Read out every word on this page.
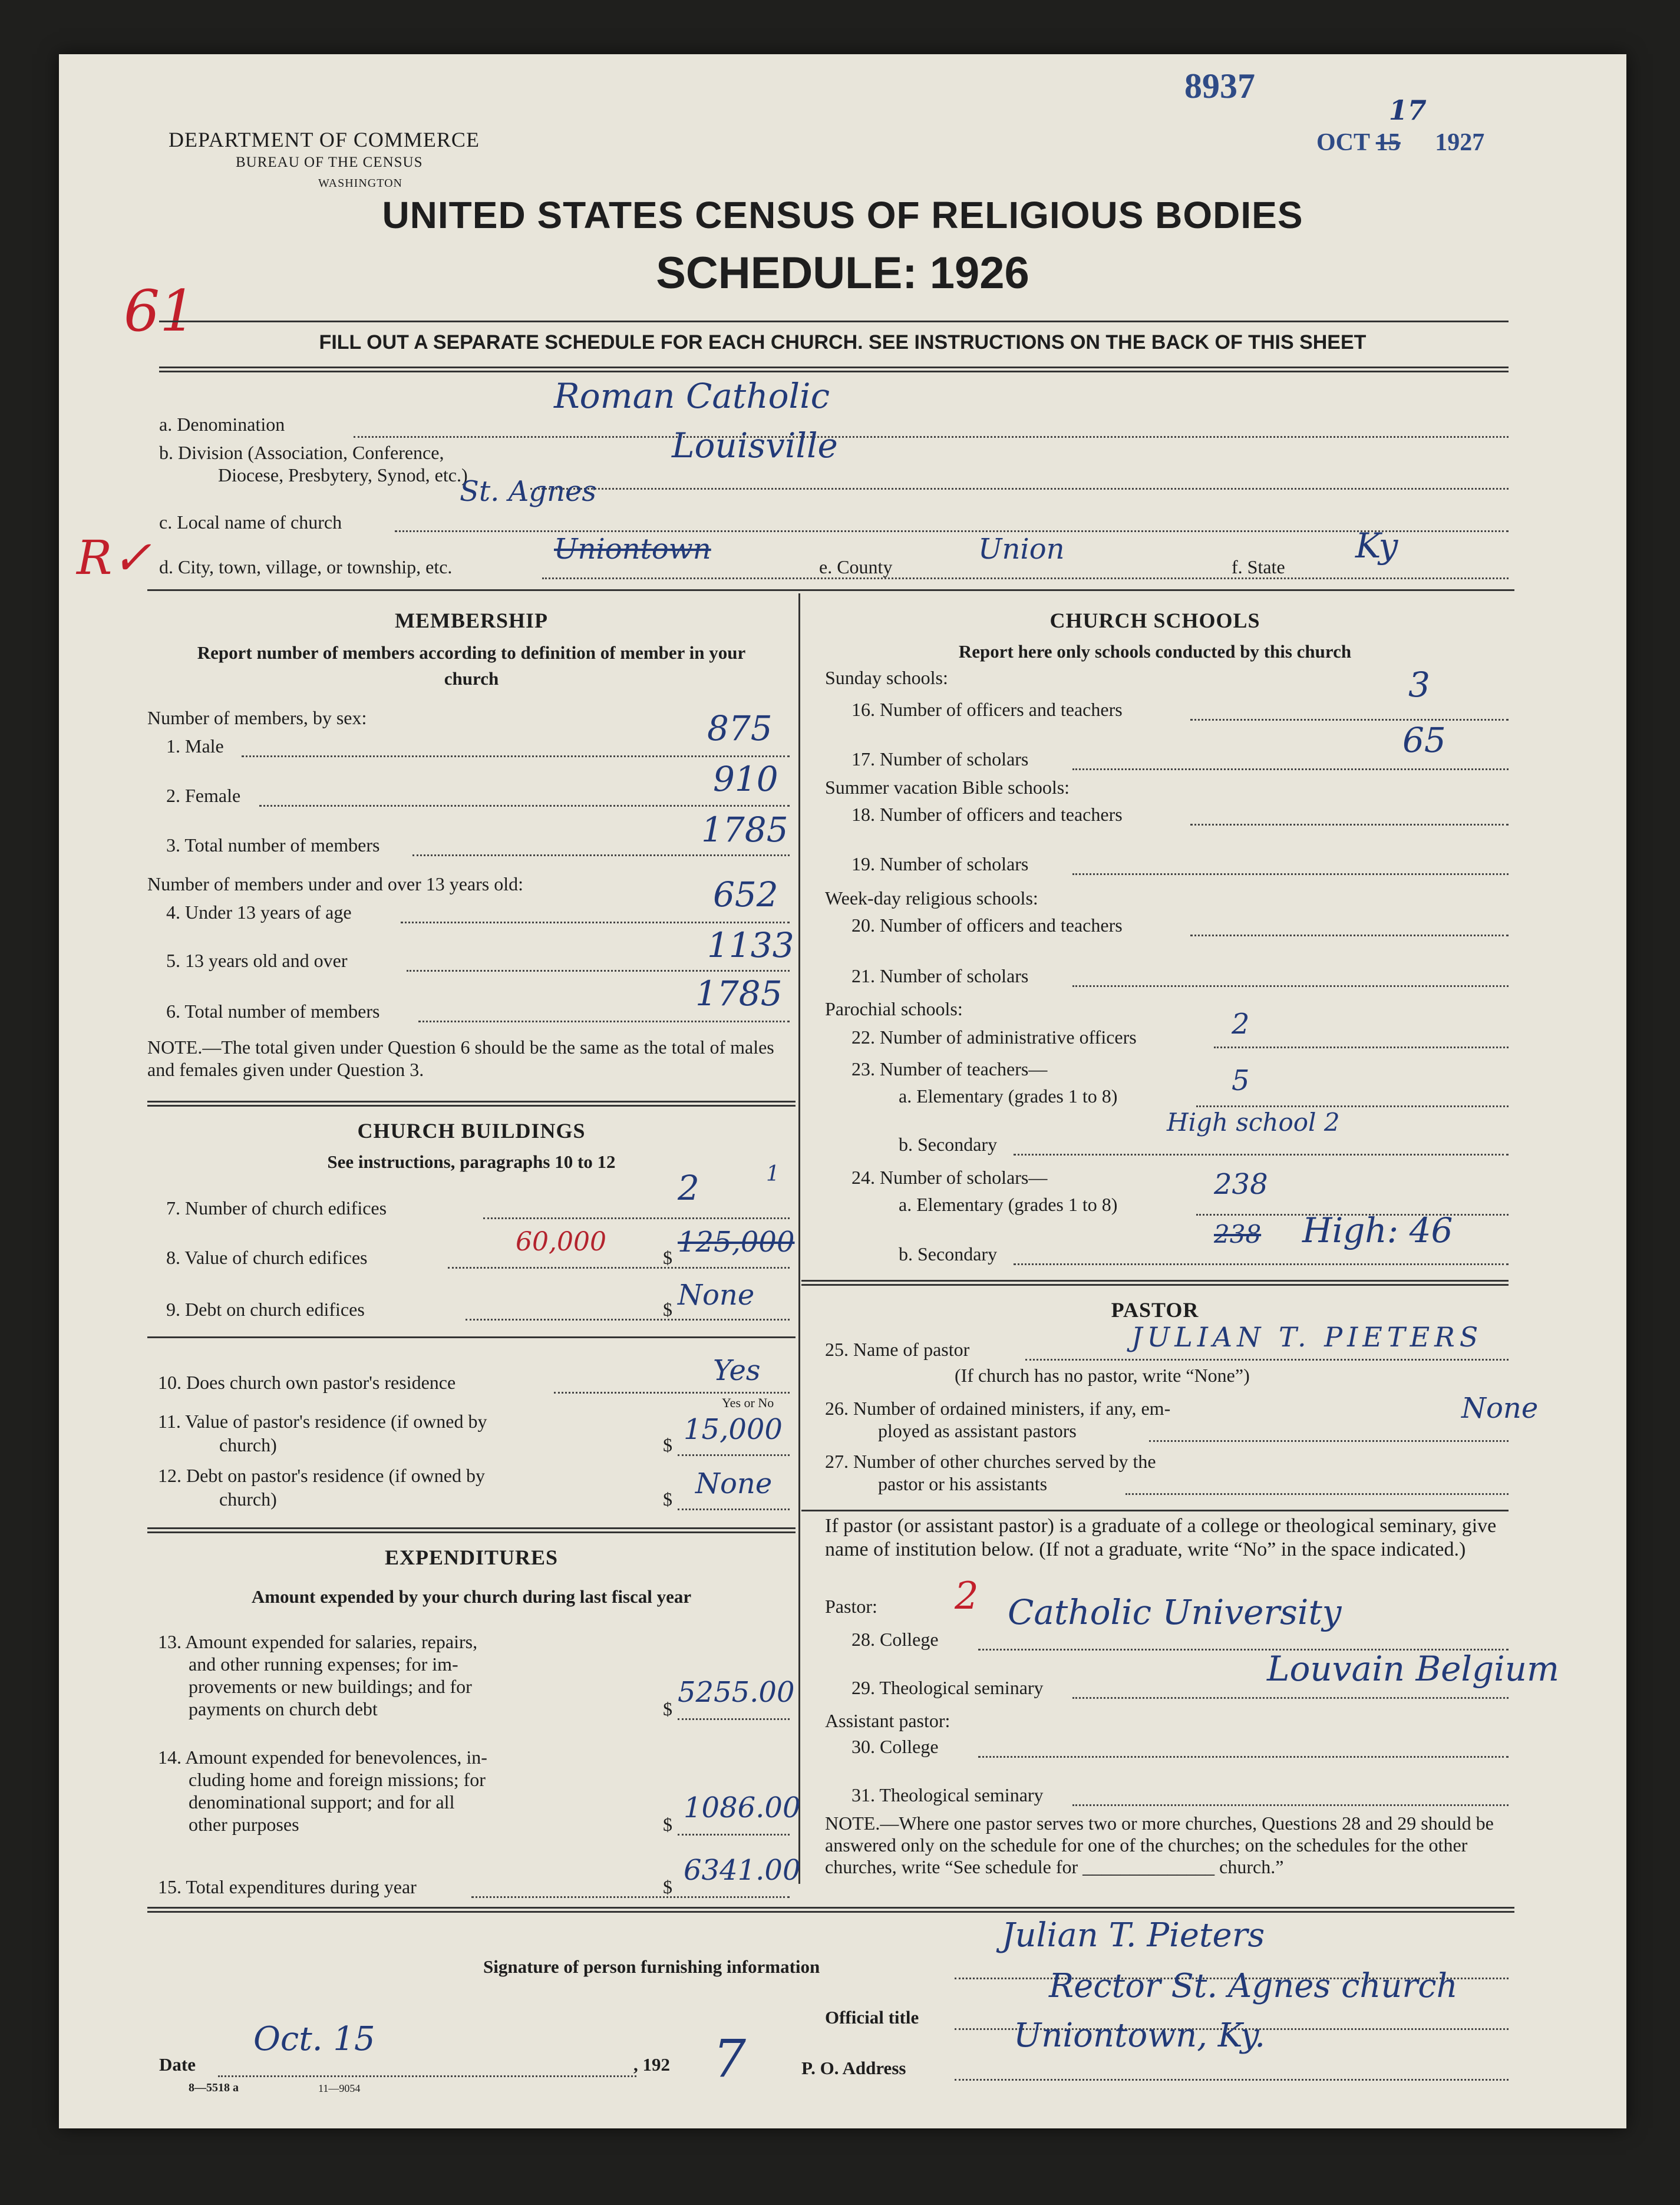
DEPARTMENT OF COMMERCE
BUREAU OF THE CENSUS
WASHINGTON
8937
OCT
17
15 1927
61
R✓
UNITED STATES CENSUS OF RELIGIOUS BODIES
SCHEDULE: 1926
FILL OUT A SEPARATE SCHEDULE FOR EACH CHURCH. SEE INSTRUCTIONS ON THE BACK OF THIS SHEET
a. Denomination
Roman Catholic
b. Division (Association, Conference,
Diocese, Presbytery, Synod, etc.)
Louisville
c. Local name of church
St. Agnes
d. City, town, village, or township, etc.
Uniontown
e. County
Union
f. State
Ky
MEMBERSHIP
Report number of members according to definition of member in your church
Number of members, by sex:
1. Male	875
2. Female	910
3. Total number of members	1785
Number of members under and over 13 years old:
4. Under 13 years of age	652
5. 13 years old and over	1133
6. Total number of members	1785
NOTE.—The total given under Question 6 should be the same as the total of males and females given under Question 3.
CHURCH BUILDINGS
See instructions, paragraphs 10 to 12
7. Number of church edifices	2	1
8. Value of church edifices
60,000
$ 125,000
9. Debt on church edifices	$ None
10. Does church own pastor's residence	Yes
Yes or No
11. Value of pastor's residence (if owned by
church)	$ 15,000
12. Debt on pastor's residence (if owned by
church)	$ None
EXPENDITURES
Amount expended by your church during last fiscal year
13. Amount expended for salaries, repairs,
and other running expenses; for im-
provements or new buildings; and for
payments on church debt	$ 5255.00
14. Amount expended for benevolences, in-
cluding home and foreign missions; for
denominational support; and for all
other purposes	$ 1086.00
15. Total expenditures during year	$ 6341.00
CHURCH SCHOOLS
Report here only schools conducted by this church
Sunday schools:
16. Number of officers and teachers
3
17. Number of scholars	65
Summer vacation Bible schools:
18. Number of officers and teachers
19. Number of scholars
Week-day religious schools:
20. Number of officers and teachers
21. Number of scholars
Parochial schools:
22. Number of administrative officers	2
23. Number of teachers—
a. Elementary (grades 1 to 8)	5
b. Secondary
High school 2
24. Number of scholars—
a. Elementary (grades 1 to 8)
238
b. Secondary
238 High: 46
PASTOR
25. Name of pastor	JULIAN T. PIETERS
(If church has no pastor, write “None”)
26. Number of ordained ministers, if any, em-
ployed as assistant pastors
None
27. Number of other churches served by the
pastor or his assistants
If pastor (or assistant pastor) is a graduate of a college or theological seminary, give name of institution below. (If not a graduate, write “No” in the space indicated.)
Pastor: 2
28. College
Catholic University
29. Theological seminary	Louvain Belgium
Assistant pastor:
30. College
31. Theological seminary
NOTE.—Where one pastor serves two or more churches, Questions 28 and 29 should be answered only on the schedule for one of the churches; on the schedules for the other churches, write “See schedule for ______________ church.”
Signature of person furnishing information
Julian T. Pieters
Official title
Rector St. Agnes church
P. O. Address
Uniontown, Ky.
Date
Oct. 15
, 192 7
8—5518 a	11—9054
